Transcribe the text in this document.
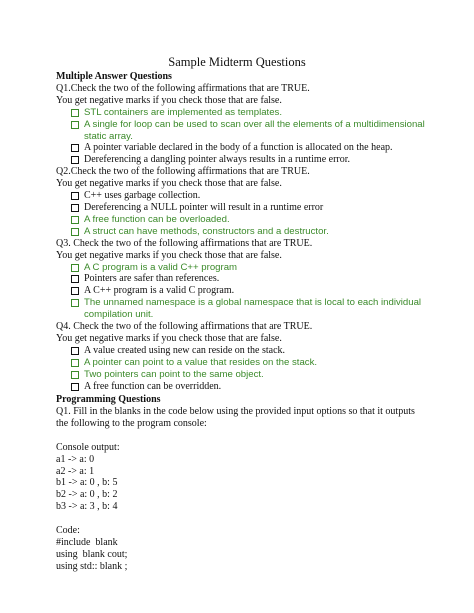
Sample Midterm Questions
Multiple Answer Questions
Q1.Check the two of the following affirmations that are TRUE.
You get negative marks if you check those that are false.
STL containers are implemented as templates.
A single for loop can be used to scan over all the elements of a multidimensional static array.
A pointer variable declared in the body of a function is allocated on the heap.
Dereferencing a dangling pointer always results in a runtime error.
Q2.Check the two of the following affirmations that are TRUE.
You get negative marks if you check those that are false.
C++ uses garbage collection.
Dereferencing a NULL pointer will result in a runtime error
A free function can be overloaded.
A struct can have methods, constructors and a destructor.
Q3. Check the two of the following affirmations that are TRUE.
You get negative marks if you check those that are false.
A C program is a valid C++ program
Pointers are safer than references.
A C++ program is a valid C program.
The unnamed namespace is a global namespace that is local to each individual compilation unit.
Q4. Check the two of the following affirmations that are TRUE.
You get negative marks if you check those that are false.
A value created using new can reside on the stack.
A pointer can point to a value that resides on the stack.
Two pointers can point to the same object.
A free function can be overridden.
Programming Questions
Q1. Fill in the blanks in the code below using the provided input options so that it outputs the following to the program console:
Console output:
a1 -> a: 0
a2 -> a: 1
b1 -> a: 0 , b: 5
b2 -> a: 0 , b: 2
b3 -> a: 3 , b: 4
Code:
#include  blank
using  blank cout;
using std:: blank ;
